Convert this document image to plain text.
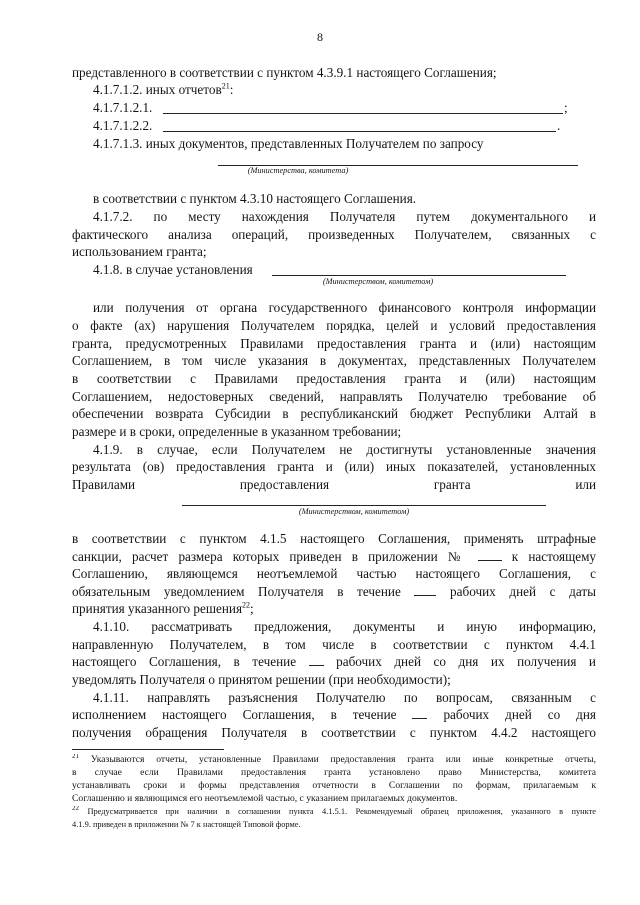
8
представленного в соответствии с пунктом 4.3.9.1 настоящего Соглашения;
4.1.7.1.2. иных отчетов$^{21}$:
4.1.7.1.2.1.	;
4.1.7.1.2.2.	.
4.1.7.1.3. иных документов, представленных Получателем по запросу
(Министерства, комитета)
в соответствии с пунктом 4.3.10 настоящего Соглашения.
4.1.7.2. по месту нахождения Получателя путем документального и
фактического анализа операций, произведенных Получателем, связанных с
использованием гранта;
4.1.8. в случае установления
(Министерством, комитетом)
или получения от органа государственного финансового контроля информации
о факте (ах) нарушения Получателем порядка, целей и условий предоставления
гранта, предусмотренных Правилами предоставления гранта и (или) настоящим
Соглашением, в том числе указания в документах, представленных Получателем
в соответствии с Правилами предоставления гранта и (или) настоящим
Соглашением, недостоверных сведений, направлять Получателю требование об
обеспечении возврата Субсидии в республиканский бюджет Республики Алтай в
размере и в сроки, определенные в указанном требовании;
4.1.9. в случае, если Получателем не достигнуты установленные значения
результата (ов) предоставления гранта и (или) иных показателей, установленных
Правилами	предоставления	гранта	или
(Министерством, комитетом)
в соответствии с пунктом 4.1.5 настоящего Соглашения, применять штрафные
санкции, расчет размера которых приведен в приложении №	к настоящему
Соглашению, являющемся неотъемлемой частью настоящего Соглашения, с
обязательным уведомлением Получателя в течение	рабочих дней с даты
принятия указанного решения$^{22}$;
4.1.10. рассматривать предложения, документы и иную информацию,
направленную Получателем, в том числе в соответствии с пунктом 4.4.1
настоящего Соглашения, в течение	рабочих дней со дня их получения и
уведомлять Получателя о принятом решении (при необходимости);
4.1.11. направлять разъяснения Получателю по вопросам, связанным с
исполнением настоящего Соглашения, в течение	рабочих дней со дня
получения обращения Получателя в соответствии с пунктом 4.4.2 настоящего
$^{21}$ Указываются отчеты, установленные Правилами предоставления гранта или иные конкретные отчеты,
в случае если Правилами предоставления гранта установлено право Министерства, комитета
устанавливать сроки и формы представления отчетности в Соглашении по формам, прилагаемым к
Соглашению и являющимся его неотъемлемой частью, с указанием прилагаемых документов.
$^{22}$ Предусматривается при наличии в соглашении пункта 4.1.5.1. Рекомендуемый образец приложения, указанного в пункте
4.1.9. приведен в приложении № 7 к настоящей Типовой форме.
